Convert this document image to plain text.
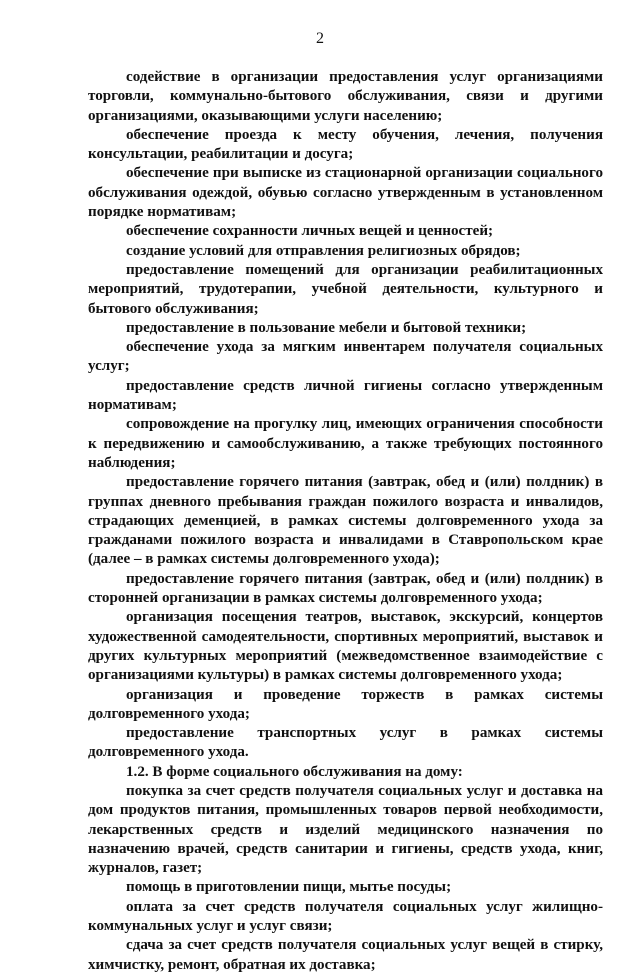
2

содействие в организации предоставления услуг организациями торговли, коммунально-бытового обслуживания, связи и другими организациями, оказывающими услуги населению;

обеспечение проезда к месту обучения, лечения, получения консультации, реабилитации и досуга;

обеспечение при выписке из стационарной организации социального обслуживания одеждой, обувью согласно утвержденным в установленном порядке нормативам;

обеспечение сохранности личных вещей и ценностей;

создание условий для отправления религиозных обрядов;

предоставление помещений для организации реабилитационных мероприятий, трудотерапии, учебной деятельности, культурного и бытового обслуживания;

предоставление в пользование мебели и бытовой техники;

обеспечение ухода за мягким инвентарем получателя социальных услуг;

предоставление средств личной гигиены согласно утвержденным нормативам;

сопровождение на прогулку лиц, имеющих ограничения способности к передвижению и самообслуживанию, а также требующих постоянного наблюдения;

предоставление горячего питания (завтрак, обед и (или) полдник) в группах дневного пребывания граждан пожилого возраста и инвалидов, страдающих деменцией, в рамках системы долговременного ухода за гражданами пожилого возраста и инвалидами в Ставропольском крае (далее – в рамках системы долговременного ухода);

предоставление горячего питания (завтрак, обед и (или) полдник) в сторонней организации в рамках системы долговременного ухода;

организация посещения театров, выставок, экскурсий, концертов художественной самодеятельности, спортивных мероприятий, выставок и других культурных мероприятий (межведомственное взаимодействие с организациями культуры) в рамках системы долговременного ухода;

организация и проведение торжеств в рамках системы долговременного ухода;

предоставление транспортных услуг в рамках системы долговременного ухода.

1.2. В форме социального обслуживания на дому:

покупка за счет средств получателя социальных услуг и доставка на дом продуктов питания, промышленных товаров первой необходимости, лекарственных средств и изделий медицинского назначения по назначению врачей, средств санитарии и гигиены, средств ухода, книг, журналов, газет;

помощь в приготовлении пищи, мытье посуды;

оплата за счет средств получателя социальных услуг жилищно-коммунальных услуг и услуг связи;

сдача за счет средств получателя социальных услуг вещей в стирку, химчистку, ремонт, обратная их доставка;
